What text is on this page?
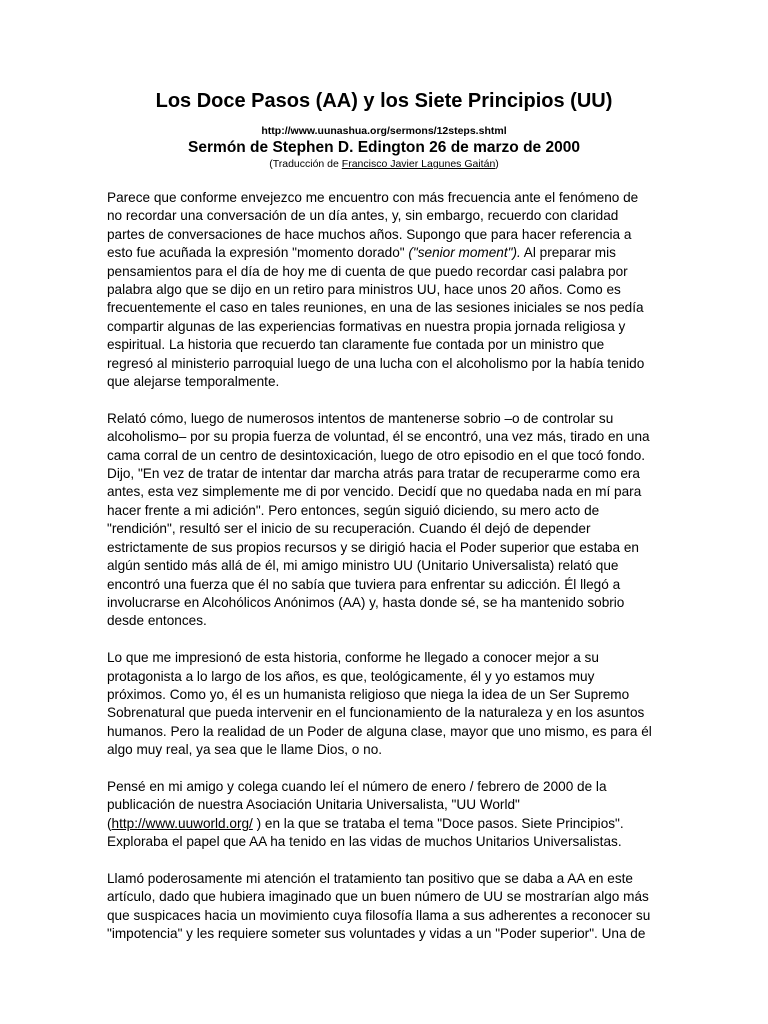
Los Doce Pasos (AA) y los Siete Principios (UU)
http://www.uunashua.org/sermons/12steps.shtml
Sermón de Stephen D. Edington 26 de marzo de 2000
(Traducción de Francisco Javier Lagunes Gaitán)

Parece que conforme envejezco me encuentro con más frecuencia ante el fenómeno de
no recordar una conversación de un día antes, y, sin embargo, recuerdo con claridad
partes de conversaciones de hace muchos años. Supongo que para hacer referencia a
esto fue acuñada la expresión "momento dorado" ("senior moment"). Al preparar mis
pensamientos para el día de hoy me di cuenta de que puedo recordar casi palabra por
palabra algo que se dijo en un retiro para ministros UU, hace unos 20 años. Como es
frecuentemente el caso en tales reuniones, en una de las sesiones iniciales se nos pedía
compartir algunas de las experiencias formativas en nuestra propia jornada religiosa y
espiritual. La historia que recuerdo tan claramente fue contada por un ministro que
regresó al ministerio parroquial luego de una lucha con el alcoholismo por la había tenido
que alejarse temporalmente.

Relató cómo, luego de numerosos intentos de mantenerse sobrio –o de controlar su
alcoholismo– por su propia fuerza de voluntad, él se encontró, una vez más, tirado en una
cama corral de un centro de desintoxicación, luego de otro episodio en el que tocó fondo.
Dijo, "En vez de tratar de intentar dar marcha atrás para tratar de recuperarme como era
antes, esta vez simplemente me di por vencido. Decidí que no quedaba nada en mí para
hacer frente a mi adición". Pero entonces, según siguió diciendo, su mero acto de
"rendición", resultó ser el inicio de su recuperación. Cuando él dejó de depender
estrictamente de sus propios recursos y se dirigió hacia el Poder superior que estaba en
algún sentido más allá de él, mi amigo ministro UU (Unitario Universalista) relató que
encontró una fuerza que él no sabía que tuviera para enfrentar su adicción. Él llegó a
involucrarse en Alcohólicos Anónimos (AA) y, hasta donde sé, se ha mantenido sobrio
desde entonces.

Lo que me impresionó de esta historia, conforme he llegado a conocer mejor a su
protagonista a lo largo de los años, es que, teológicamente, él y yo estamos muy
próximos. Como yo, él es un humanista religioso que niega la idea de un Ser Supremo
Sobrenatural que pueda intervenir en el funcionamiento de la naturaleza y en los asuntos
humanos. Pero la realidad de un Poder de alguna clase, mayor que uno mismo, es para él
algo muy real, ya sea que le llame Dios, o no.

Pensé en mi amigo y colega cuando leí el número de enero / febrero de 2000 de la
publicación de nuestra Asociación Unitaria Universalista, "UU World"
(http://www.uuworld.org/ ) en la que se trataba el tema "Doce pasos. Siete Principios".
Exploraba el papel que AA ha tenido en las vidas de muchos Unitarios Universalistas.

Llamó poderosamente mi atención el tratamiento tan positivo que se daba a AA en este
artículo, dado que hubiera imaginado que un buen número de UU se mostrarían algo más
que suspicaces hacia un movimiento cuya filosofía llama a sus adherentes a reconocer su
"impotencia" y les requiere someter sus voluntades y vidas a un "Poder superior". Una de
